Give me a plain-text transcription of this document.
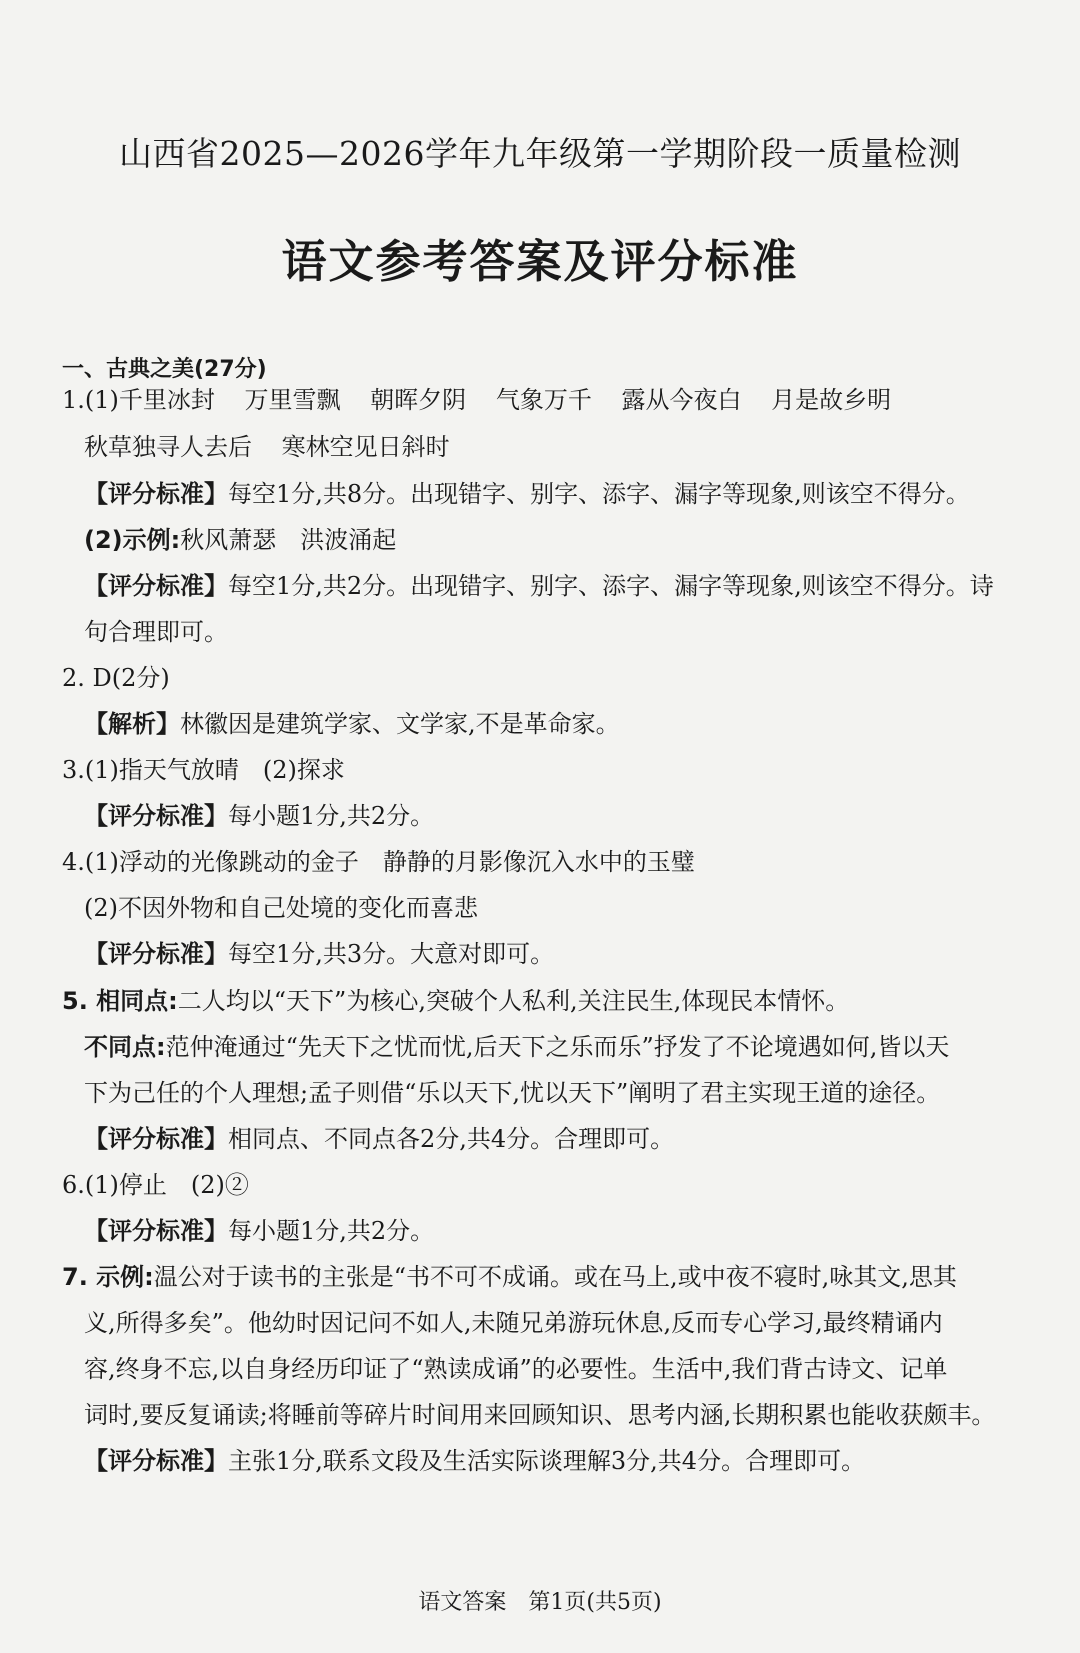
山西省2025—2026学年九年级第一学期阶段一质量检测
语文参考答案及评分标准
一、古典之美(27分)
1.(1)千里冰封 万里雪飘 朝晖夕阴 气象万千 露从今夜白 月是故乡明
秋草独寻人去后 寒林空见日斜时
【评分标准】每空1分,共8分。出现错字、别字、添字、漏字等现象,则该空不得分。
(2)示例:秋风萧瑟　洪波涌起
【评分标准】每空1分,共2分。出现错字、别字、添字、漏字等现象,则该空不得分。诗
句合理即可。
2. D(2分)
【解析】林徽因是建筑学家、文学家,不是革命家。
3.(1)指天气放晴　(2)探求
【评分标准】每小题1分,共2分。
4.(1)浮动的光像跳动的金子　静静的月影像沉入水中的玉璧
(2)不因外物和自己处境的变化而喜悲
【评分标准】每空1分,共3分。大意对即可。
5. 相同点:二人均以“天下”为核心,突破个人私利,关注民生,体现民本情怀。
不同点:范仲淹通过“先天下之忧而忧,后天下之乐而乐”抒发了不论境遇如何,皆以天
下为己任的个人理想;孟子则借“乐以天下,忧以天下”阐明了君主实现王道的途径。
【评分标准】相同点、不同点各2分,共4分。合理即可。
6.(1)停止　(2)②
【评分标准】每小题1分,共2分。
7. 示例:温公对于读书的主张是“书不可不成诵。或在马上,或中夜不寝时,咏其文,思其
义,所得多矣”。他幼时因记问不如人,未随兄弟游玩休息,反而专心学习,最终精诵内
容,终身不忘,以自身经历印证了“熟读成诵”的必要性。生活中,我们背古诗文、记单
词时,要反复诵读;将睡前等碎片时间用来回顾知识、思考内涵,长期积累也能收获颇丰。
【评分标准】主张1分,联系文段及生活实际谈理解3分,共4分。合理即可。
语文答案　第1页(共5页)
